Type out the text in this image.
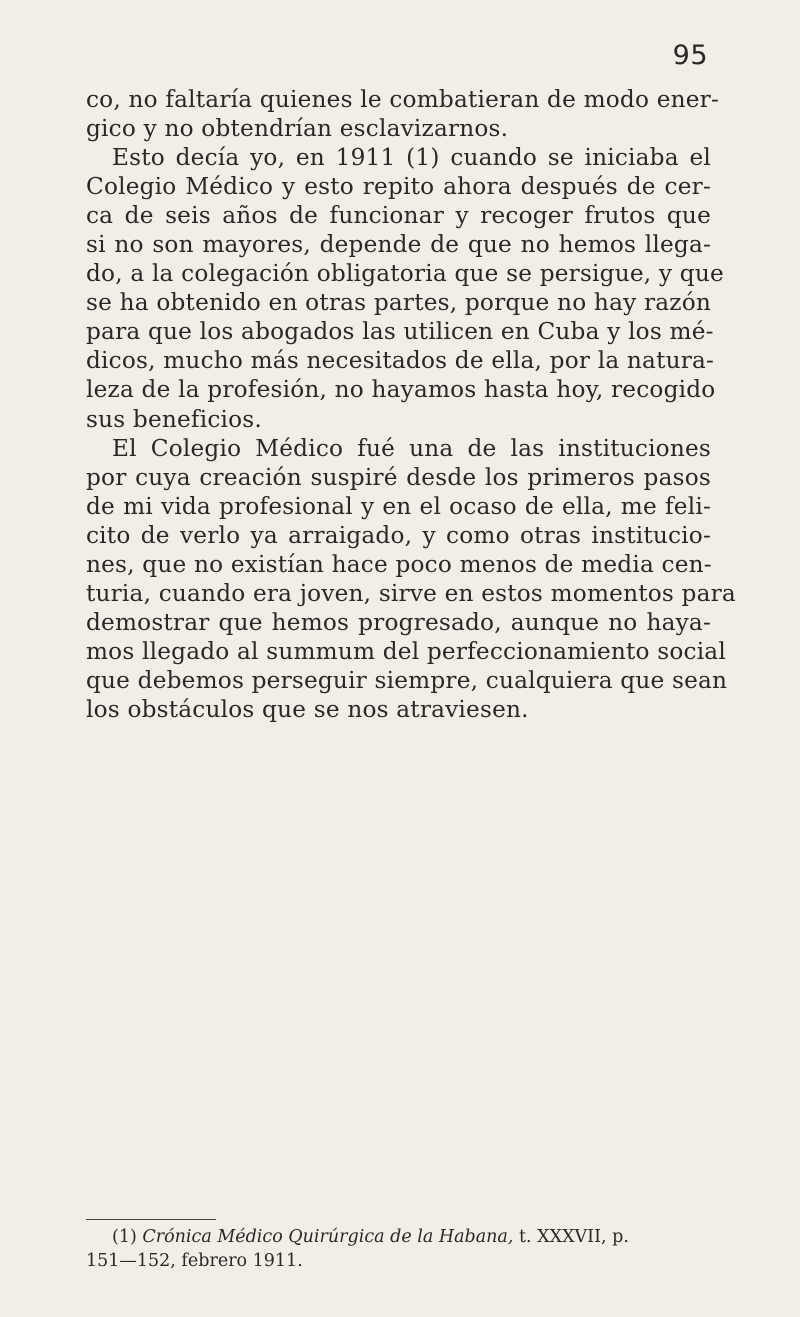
95
co, no faltaría quienes le combatieran de modo ener-
gico y no obtendrían esclavizarnos.
Esto decía yo, en 1911 (1) cuando se iniciaba el
Colegio Médico y esto repito ahora después de cer-
ca de seis años de funcionar y recoger frutos que
si no son mayores, depende de que no hemos llega-
do, a la colegación obligatoria que se persigue, y que
se ha obtenido en otras partes, porque no hay razón
para que los abogados las utilicen en Cuba y los mé-
dicos, mucho más necesitados de ella, por la natura-
leza de la profesión, no hayamos hasta hoy, recogido
sus beneficios.
El Colegio Médico fué una de las instituciones
por cuya creación suspiré desde los primeros pasos
de mi vida profesional y en el ocaso de ella, me feli-
cito de verlo ya arraigado, y como otras institucio-
nes, que no existían hace poco menos de media cen-
turia, cuando era joven, sirve en estos momentos para
demostrar que hemos progresado, aunque no haya-
mos llegado al summum del perfeccionamiento social
que debemos perseguir siempre, cualquiera que sean
los obstáculos que se nos atraviesen.
(1) Crónica Médico Quirúrgica de la Habana, t. XXXVII, p.
151—152, febrero 1911.
